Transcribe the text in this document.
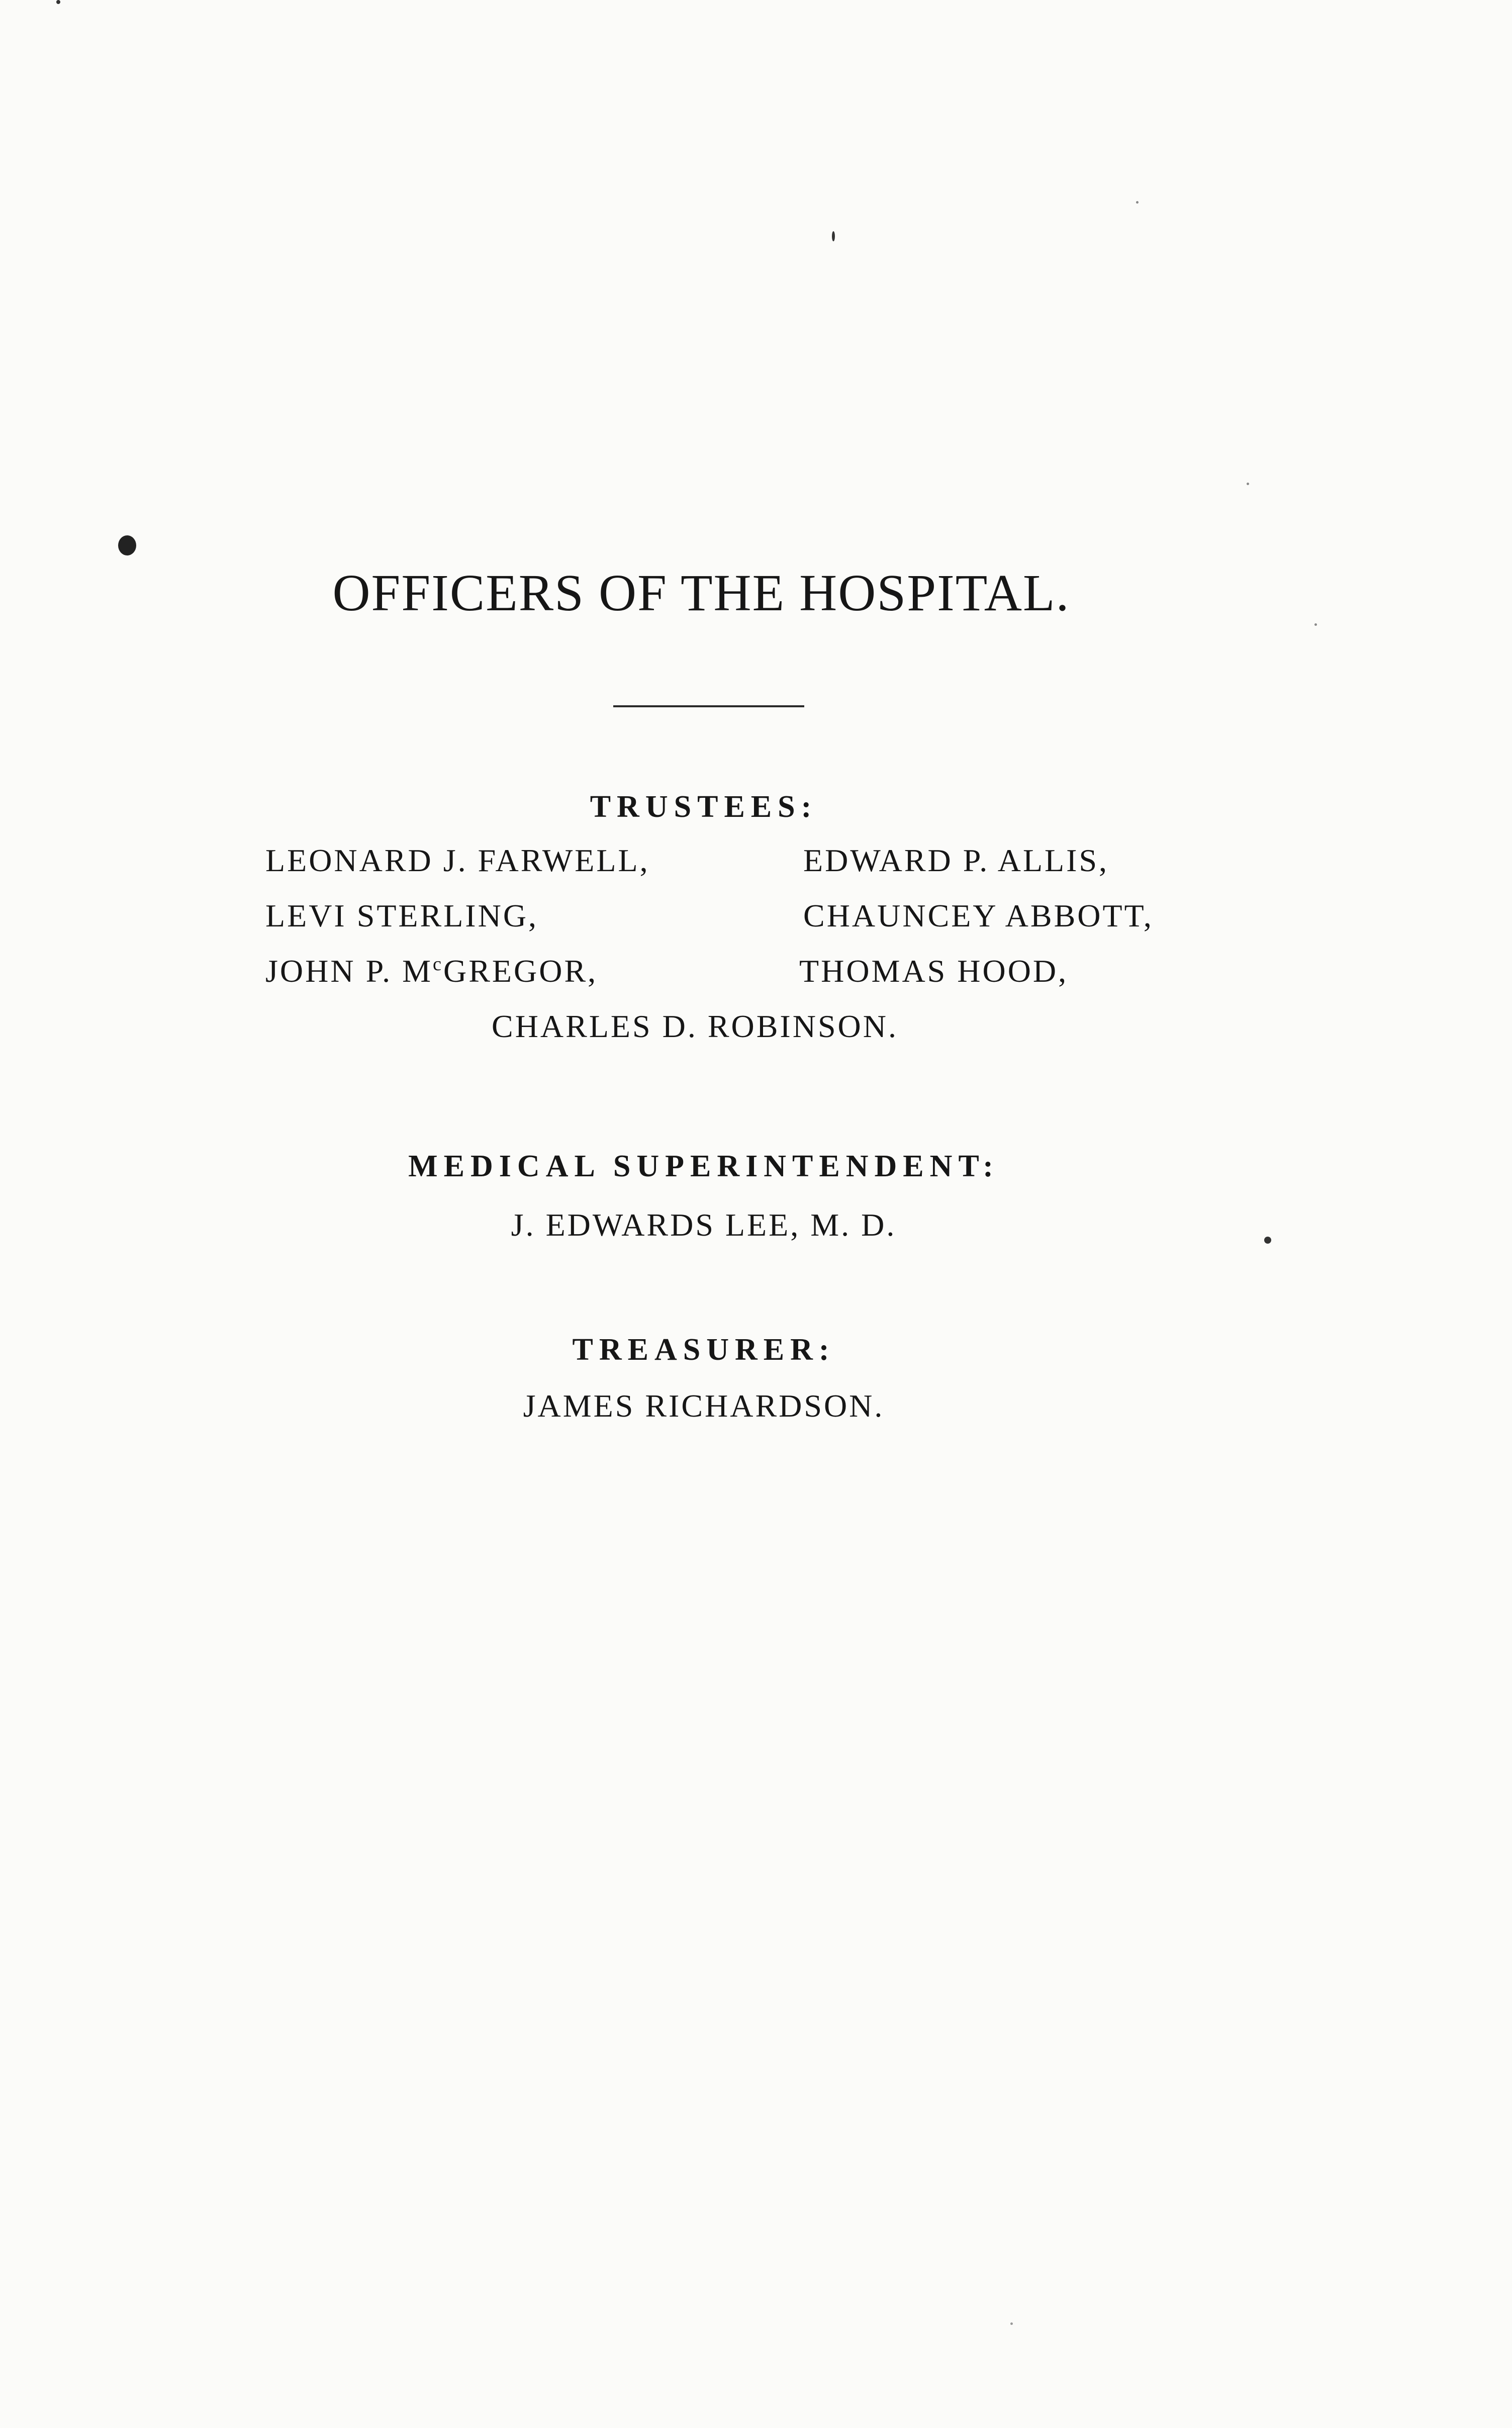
OFFICERS OF THE HOSPITAL.
TRUSTEES:
LEONARD J. FARWELL,
LEVI STERLING,
JOHN P. $M^cGREGOR$,
EDWARD P. ALLIS,
CHAUNCEY ABBOTT,
THOMAS HOOD,
CHARLES D. ROBINSON.
MEDICAL SUPERINTENDENT:
J. EDWARDS LEE, M. D.
TREASURER:
JAMES RICHARDSON.
